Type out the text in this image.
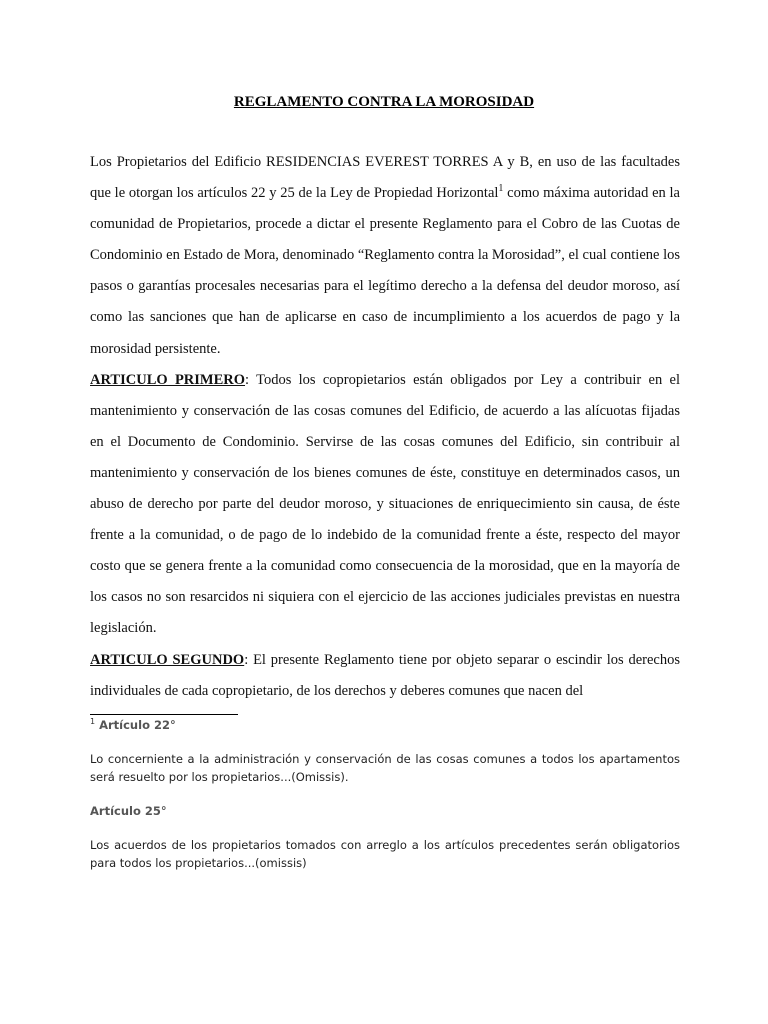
REGLAMENTO CONTRA LA MOROSIDAD

Los Propietarios del Edificio RESIDENCIAS EVEREST TORRES A y B, en uso de las facultades que le otorgan los artículos 22 y 25 de la Ley de Propiedad Horizontal$^1$ como máxima autoridad en la comunidad de Propietarios, procede a dictar el presente Reglamento para el Cobro de las Cuotas de Condominio en Estado de Mora, denominado “Reglamento contra la Morosidad”, el cual contiene los pasos o garantías procesales necesarias para el legítimo derecho a la defensa del deudor moroso, así como las sanciones que han de aplicarse en caso de incumplimiento a los acuerdos de pago y la morosidad persistente.

ARTICULO PRIMERO: Todos los copropietarios están obligados por Ley a contribuir en el mantenimiento y conservación de las cosas comunes del Edificio, de acuerdo a las alícuotas fijadas en el Documento de Condominio. Servirse de las cosas comunes del Edificio, sin contribuir al mantenimiento y conservación de los bienes comunes de éste, constituye en determinados casos, un abuso de derecho por parte del deudor moroso, y situaciones de enriquecimiento sin causa, de éste frente a la comunidad, o de pago de lo indebido de la comunidad frente a éste, respecto del mayor costo que se genera frente a la comunidad como consecuencia de la morosidad, que en la mayoría de los casos no son resarcidos ni siquiera con el ejercicio de las acciones judiciales previstas en nuestra legislación.

ARTICULO SEGUNDO: El presente Reglamento tiene por objeto separar o escindir los derechos individuales de cada copropietario, de los derechos y deberes comunes que nacen del

$^1$ Artículo 22°

Lo concerniente a la administración y conservación de las cosas comunes a todos los apartamentos será resuelto por los propietarios...(Omissis).

Artículo 25°

Los acuerdos de los propietarios tomados con arreglo a los artículos precedentes serán obligatorios para todos los propietarios...(omissis)
